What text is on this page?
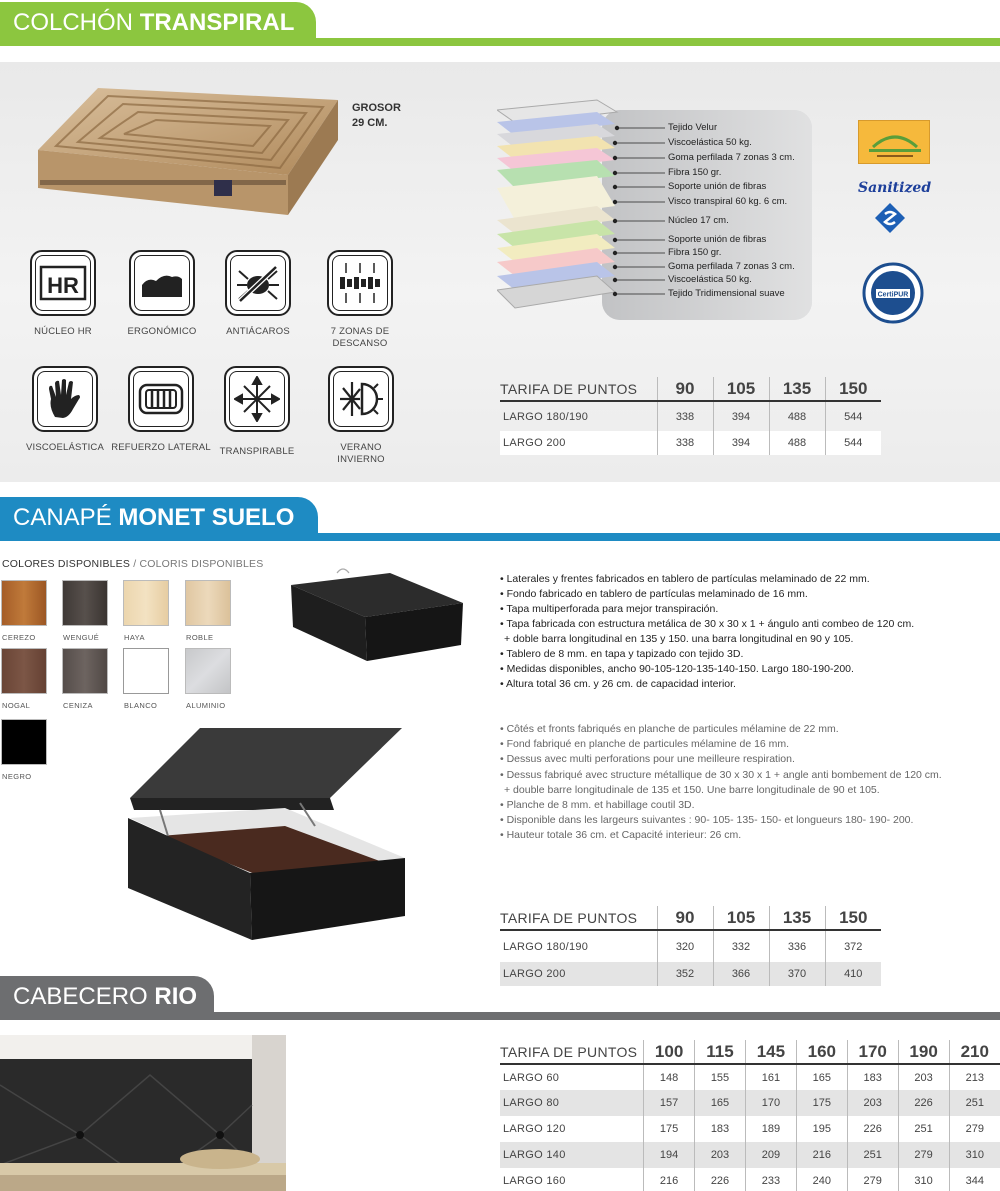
COLCHÓN TRANSPIRAL
GROSOR
29 CM.
HR
NÚCLEO HR	ERGONÓMICO	ANTIÁCAROS	7 ZONAS DE DESCANSO
VISCOELÁSTICA REFUERZO LATERAL TRANSPIRABLE	VERANO INVIERNO
Tejido Velur
Viscoelástica 50 kg.
Goma perfilada 7 zonas 3 cm.
Fibra 150 gr.
Soporte unión de fibras
Visco transpiral 60 kg. 6 cm.
Núcleo 17 cm.
Soporte unión de fibras
Fibra 150 gr.
Goma perfilada 7 zonas 3 cm.
Viscoelástica 50 kg.
Tejido Tridimensional suave
Sanitized
CertiPUR
TARIFA DE PUNTOS	90	105	135	150
LARGO 180/190	338	394	488	544
LARGO 200	338	394	488	544
CANAPÉ MONET SUELO
COLORES DISPONIBLES / COLORIS DISPONIBLES
CEREZO	WENGUÉ	HAYA	ROBLE
NOGAL	CENIZA	BLANCO	ALUMINIO
NEGRO
• Laterales y frentes fabricados en tablero de partículas melaminado de 22 mm.
• Fondo fabricado en tablero de partículas melaminado de 16 mm.
• Tapa multiperforada para mejor transpiración.
• Tapa fabricada con estructura metálica de 30 x 30 x 1 + ángulo anti combeo de 120 cm.
+ doble barra longitudinal en 135 y 150. una barra longitudinal en 90 y 105.
• Tablero de 8 mm. en tapa y tapizado con tejido 3D.
• Medidas disponibles, ancho 90-105-120-135-140-150. Largo 180-190-200.
• Altura total 36 cm. y 26 cm. de capacidad interior.
• Côtés et fronts fabriqués en planche de particules mélamine de 22 mm.
• Fond fabriqué en planche de particules mélamine de 16 mm.
• Dessus avec multi perforations pour une meilleure respiration.
• Dessus fabriqué avec structure métallique de 30 x 30 x 1 + angle anti bombement de 120 cm.
+ double barre longitudinale de 135 et 150. Une barre longitudinale de 90 et 105.
• Planche de 8 mm. et habillage coutil 3D.
• Disponible dans les largeurs suivantes : 90- 105- 135- 150- et longueurs 180- 190- 200.
• Hauteur totale 36 cm. et Capacité interieur: 26 cm.
TARIFA DE PUNTOS	90	105	135	150
LARGO 180/190	320	332	336	372
LARGO 200	352	366	370	410
CABECERO RIO
TARIFA DE PUNTOS	100	115	145	160	170	190	210
LARGO 60	148	155	161	165	183	203	213
LARGO 80	157	165	170	175	203	226	251
LARGO 120	175	183	189	195	226	251	279
LARGO 140	194	203	209	216	251	279	310
LARGO 160	216	226	233	240	279	310	344
